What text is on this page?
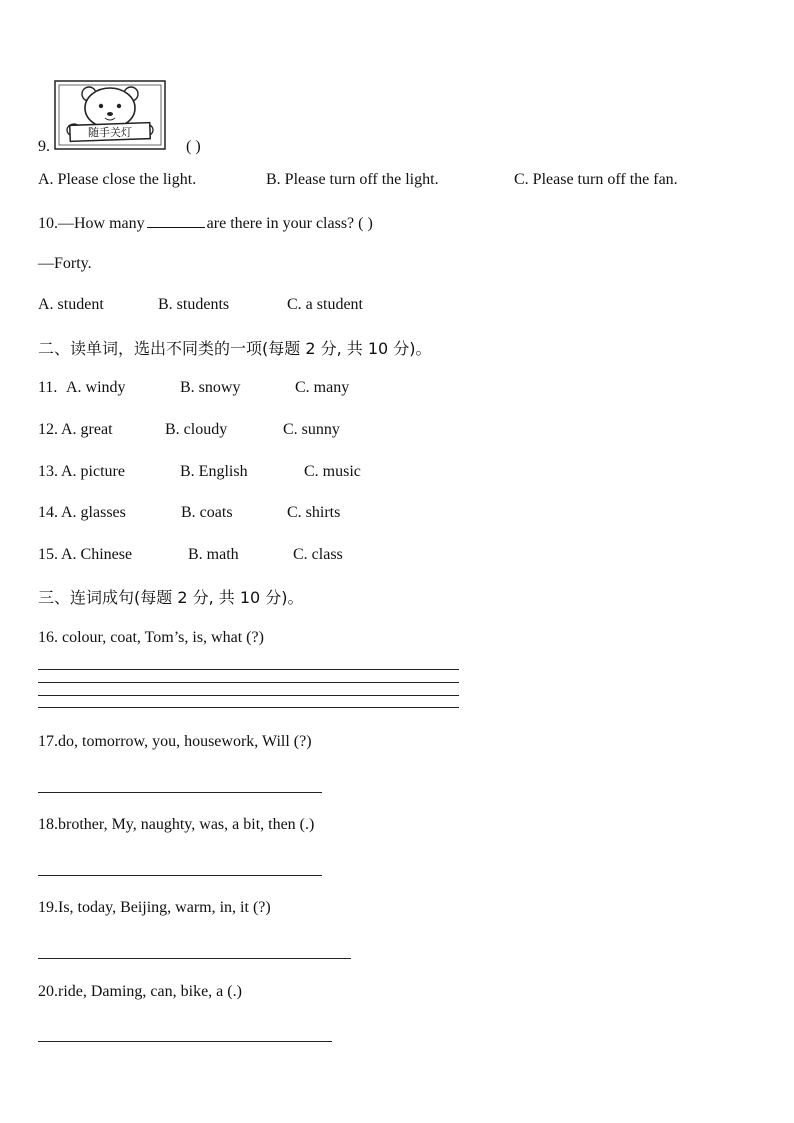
随手关灯
9.	( )
A. Please close the light.	B. Please turn off the light.	C. Please turn off the fan.
10.—How many	are there in your class? ( )
—Forty.
A. student	B. students	C. a student
二、读单词，选出不同类的一项(每题 2 分, 共 10 分)。
11. A. windy	B. snowy	C. many
12. A. great	B. cloudy	C. sunny
13. A. picture	B. English	C. music
14. A. glasses	B. coats	C. shirts
15. A. Chinese	B. math	C. class
三、连词成句(每题 2 分, 共 10 分)。
16. colour, coat, Tom’s, is, what (?)
17.do, tomorrow, you, housework, Will (?)
18.brother, My, naughty, was, a bit, then (.)
19.Is, today, Beijing, warm, in, it (?)
20.ride, Daming, can, bike, a (.)
